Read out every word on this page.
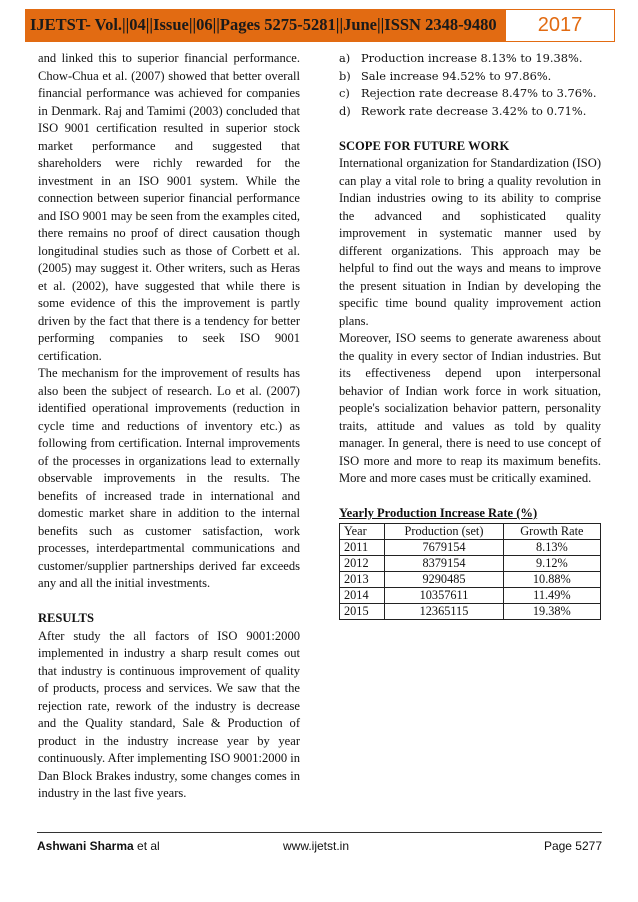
IJETST- Vol.||04||Issue||06||Pages 5275-5281||June||ISSN 2348-9480	2017

and linked this to superior financial performance. Chow-Chua et al. (2007) showed that better overall financial performance was achieved for companies in Denmark. Raj and Tamimi (2003) concluded that ISO 9001 certification resulted in superior stock market performance and suggested that shareholders were richly rewarded for the investment in an ISO 9001 system. While the connection between superior financial performance and ISO 9001 may be seen from the examples cited, there remains no proof of direct causation though longitudinal studies such as those of Corbett et al. (2005) may suggest it. Other writers, such as Heras et al. (2002), have suggested that while there is some evidence of this the improvement is partly driven by the fact that there is a tendency for better performing companies to seek ISO 9001 certification.

The mechanism for the improvement of results has also been the subject of research. Lo et al. (2007) identified operational improvements (reduction in cycle time and reductions of inventory etc.) as following from certification. Internal improvements of the processes in organizations lead to externally observable improvements in the results. The benefits of increased trade in international and domestic market share in addition to the internal benefits such as customer satisfaction, work processes, interdepartmental communications and customer/supplier partnerships derived far exceeds any and all the initial investments.

RESULTS

After study the all factors of ISO 9001:2000 implemented in industry a sharp result comes out that industry is continuous improvement of quality of products, process and services. We saw that the rejection rate, rework of the industry is decrease and the Quality standard, Sale & Production of product in the industry increase year by year continuously. After implementing ISO 9001:2000 in Dan Block Brakes industry, some changes comes in industry in the last five years.

a) Production increase 8.13% to 19.38%.
b) Sale increase 94.52% to 97.86%.
c) Rejection rate decrease 8.47% to 3.76%.
d) Rework rate decrease 3.42% to 0.71%.

SCOPE FOR FUTURE WORK

International organization for Standardization (ISO) can play a vital role to bring a quality revolution in Indian industries owing to its ability to comprise the advanced and sophisticated quality improvement in systematic manner used by different organizations. This approach may be helpful to find out the ways and means to improve the present situation in Indian by developing the specific time bound quality improvement action plans.

Moreover, ISO seems to generate awareness about the quality in every sector of Indian industries. But its effectiveness depend upon interpersonal behavior of Indian work force in work situation, people's socialization behavior pattern, personality traits, attitude and values as told by quality manager. In general, there is need to use concept of ISO more and more to reap its maximum benefits. More and more cases must be critically examined.

Yearly Production Increase Rate (%)

Year	Production (set)	Growth Rate
2011	7679154	8.13%
2012	8379154	9.12%
2013	9290485	10.88%
2014	10357611	11.49%
2015	12365115	19.38%
Ashwani Sharma et al	www.ijetst.in	Page 5277
